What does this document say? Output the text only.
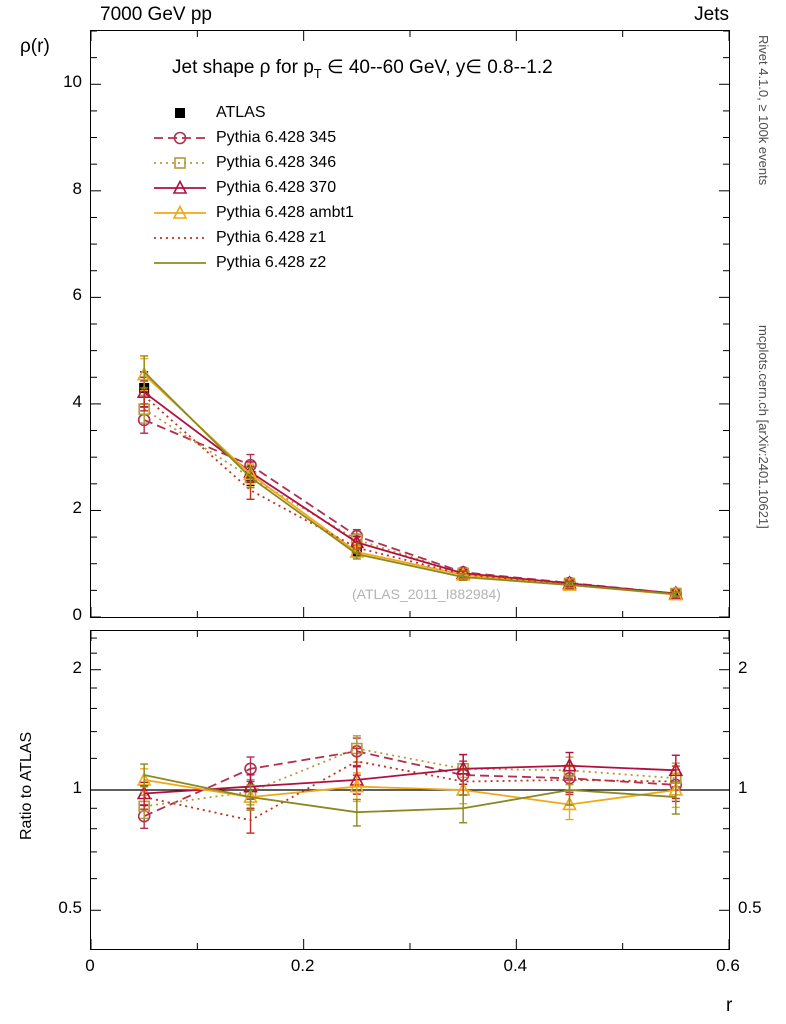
7000 GeV pp	Jets
Rivet 4.1.0, ≥ 100k events
mcplots.cern.ch [arXiv:2401.10621]
ρ(r)
Jet shape ρ for $p_T$ ∈ 40--60 GeV, y∈ 0.8--1.2
(ATLAS_2011_I882984)
ATLAS
Pythia 6.428 345
Pythia 6.428 346
Pythia 6.428 370
Pythia 6.428 ambt1
Pythia 6.428 z1
Pythia 6.428 z2
Ratio to ATLAS
r
0
2
4
6
8
10
0.5	0.5
1	1
2	2
0	0.2	0.4	0.6
